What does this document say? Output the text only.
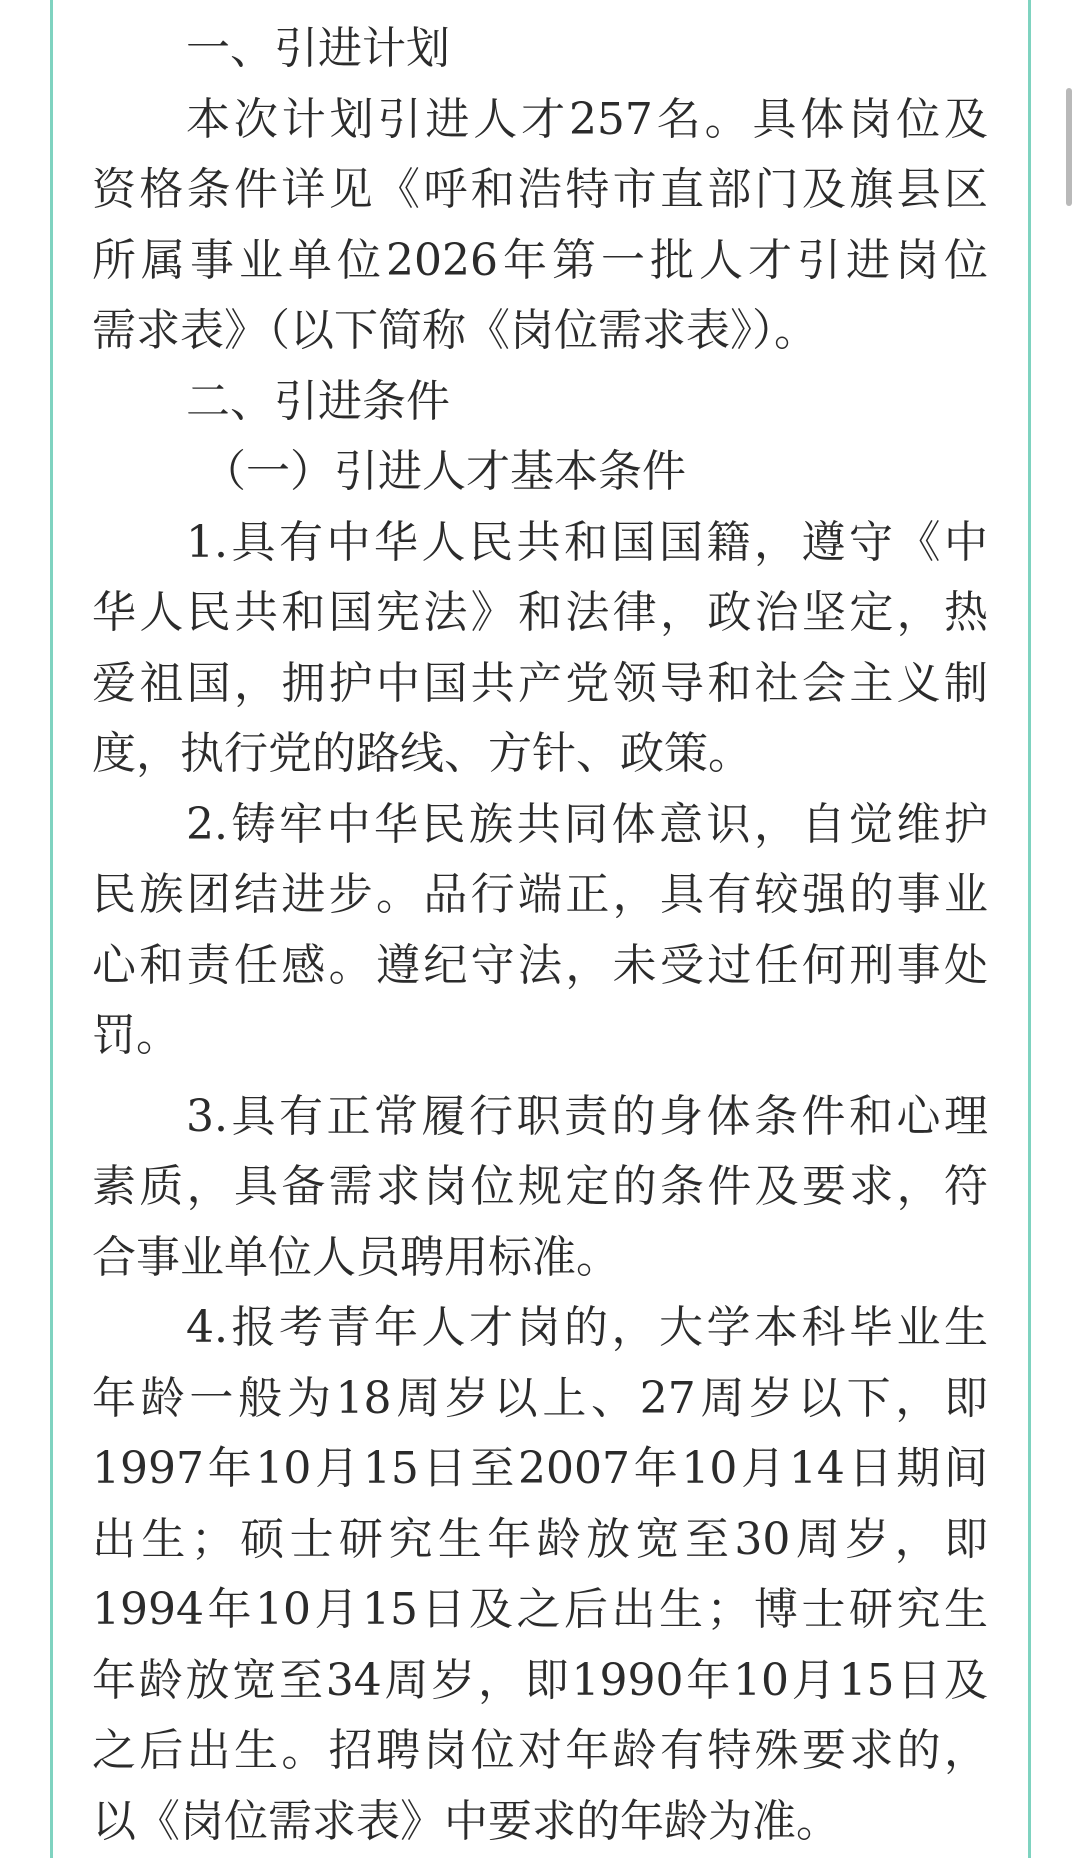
一、引进计划
本次计划引进人才257名。具体岗位及
资格条件详见《呼和浩特市直部门及旗县区
所属事业单位2026年第一批人才引进岗位
需求表》（以下简称《岗位需求表》）。
二、引进条件
（一）引进人才基本条件
1.具有中华人民共和国国籍，遵守《中
华人民共和国宪法》和法律，政治坚定，热
爱祖国，拥护中国共产党领导和社会主义制
度，执行党的路线、方针、政策。
2.铸牢中华民族共同体意识，自觉维护
民族团结进步。品行端正，具有较强的事业
心和责任感。遵纪守法，未受过任何刑事处
罚。
3.具有正常履行职责的身体条件和心理
素质，具备需求岗位规定的条件及要求，符
合事业单位人员聘用标准。
4.报考青年人才岗的，大学本科毕业生
年龄一般为18周岁以上、27周岁以下，即
1997年10月15日至2007年10月14日期间
出生；硕士研究生年龄放宽至30周岁，即
1994年10月15日及之后出生；博士研究生
年龄放宽至34周岁，即1990年10月15日及
之后出生。招聘岗位对年龄有特殊要求的，
以《岗位需求表》中要求的年龄为准。
